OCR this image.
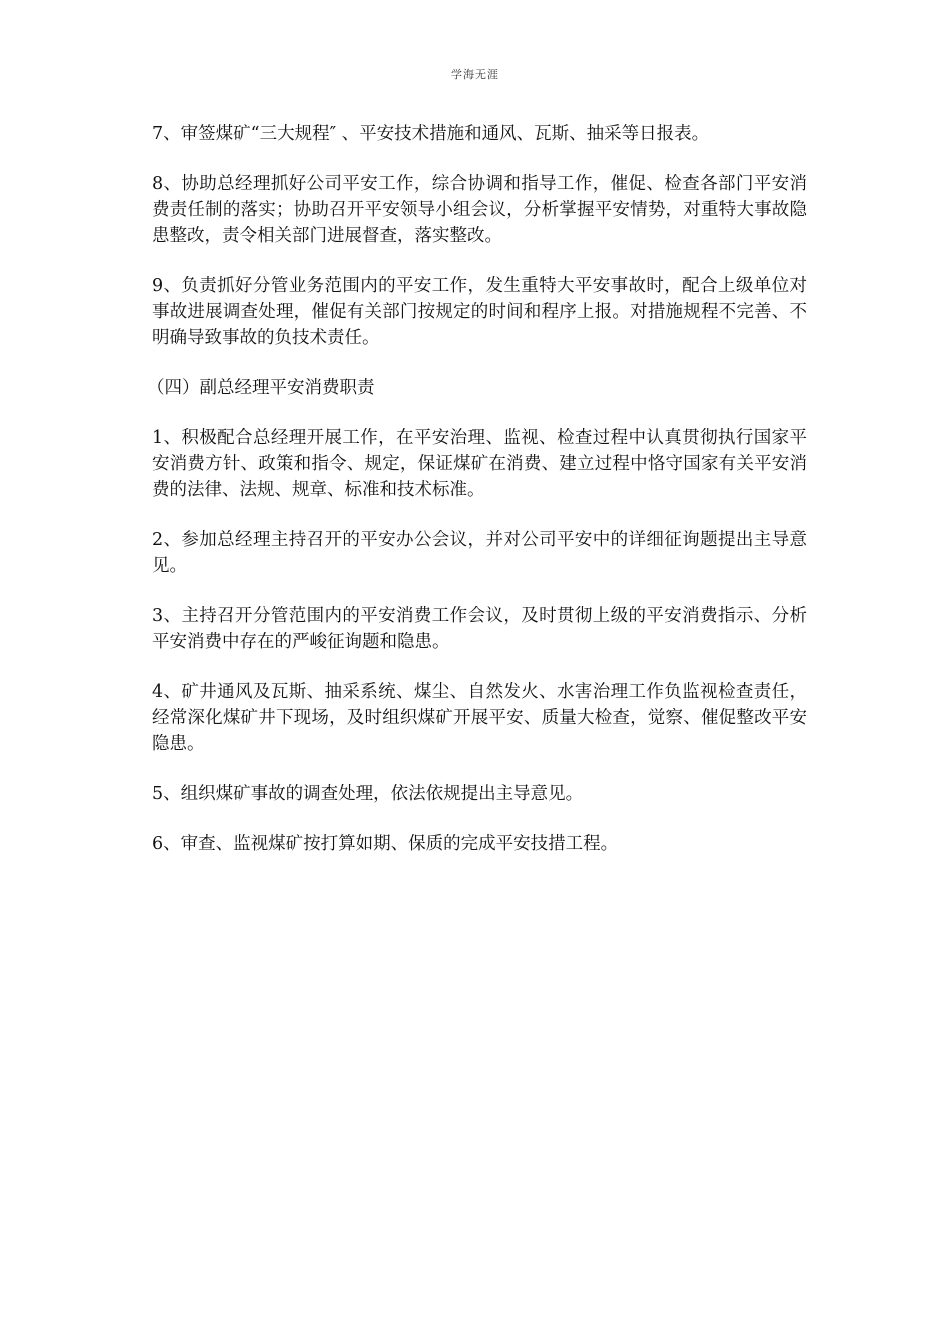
学海无涯

7、审签煤矿“三大规程″ 、平安技术措施和通风、瓦斯、抽采等日报表。

8、协助总经理抓好公司平安工作，综合协调和指导工作，催促、检查各部门平安消费责任制的落实；协助召开平安领导小组会议，分析掌握平安情势，对重特大事故隐患整改，责令相关部门进展督查，落实整改。

9、负责抓好分管业务范围内的平安工作，发生重特大平安事故时，配合上级单位对事故进展调查处理，催促有关部门按规定的时间和程序上报。对措施规程不完善、不明确导致事故的负技术责任。

（四）副总经理平安消费职责

1、积极配合总经理开展工作，在平安治理、监视、检查过程中认真贯彻执行国家平安消费方针、政策和指令、规定，保证煤矿在消费、建立过程中恪守国家有关平安消费的法律、法规、规章、标准和技术标准。

2、参加总经理主持召开的平安办公会议，并对公司平安中的详细征询题提出主导意见。

3、主持召开分管范围内的平安消费工作会议，及时贯彻上级的平安消费指示、分析平安消费中存在的严峻征询题和隐患。

4、矿井通风及瓦斯、抽采系统、煤尘、自然发火、水害治理工作负监视检查责任，经常深化煤矿井下现场，及时组织煤矿开展平安、质量大检查，觉察、催促整改平安隐患。

5、组织煤矿事故的调查处理，依法依规提出主导意见。

6、审查、监视煤矿按打算如期、保质的完成平安技措工程。
